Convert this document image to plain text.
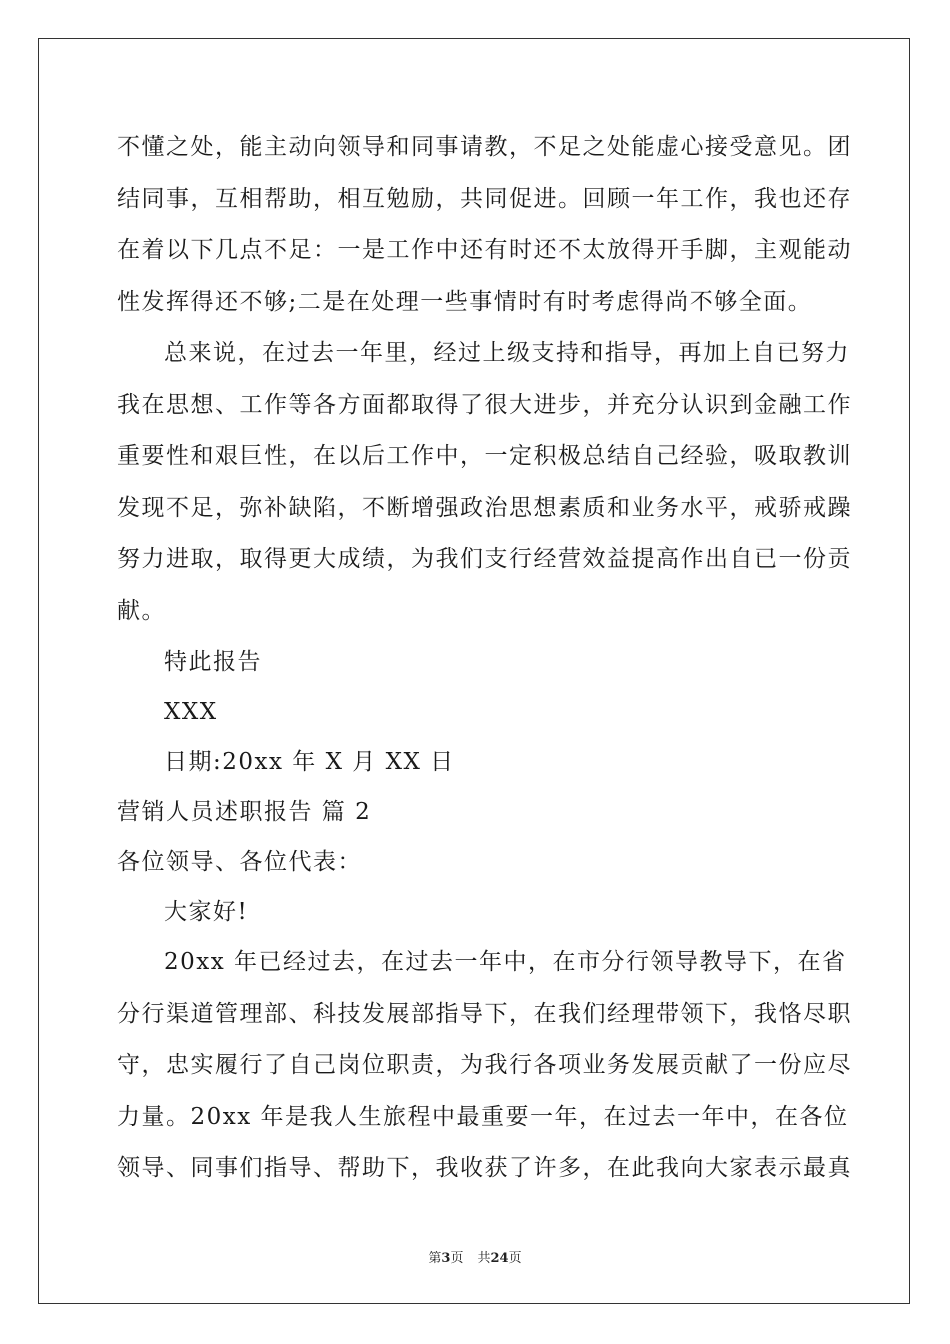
不懂之处，能主动向领导和同事请教，不足之处能虚心接受意见。团
结同事，互相帮助，相互勉励，共同促进。回顾一年工作，我也还存
在着以下几点不足：一是工作中还有时还不太放得开手脚，主观能动
性发挥得还不够;二是在处理一些事情时有时考虑得尚不够全面。
总来说，在过去一年里，经过上级支持和指导，再加上自已努力
我在思想、工作等各方面都取得了很大进步，并充分认识到金融工作
重要性和艰巨性，在以后工作中，一定积极总结自己经验，吸取教训
发现不足，弥补缺陷，不断增强政治思想素质和业务水平，戒骄戒躁
努力进取，取得更大成绩，为我们支行经营效益提高作出自已一份贡
献。
特此报告
XXX
日期:20xx 年 X 月 XX 日
营销人员述职报告 篇 2
各位领导、各位代表：
大家好!
20xx 年已经过去，在过去一年中，在市分行领导教导下，在省
分行渠道管理部、科技发展部指导下，在我们经理带领下，我恪尽职
守，忠实履行了自己岗位职责，为我行各项业务发展贡献了一份应尽
力量。20xx 年是我人生旅程中最重要一年，在过去一年中，在各位
领导、同事们指导、帮助下，我收获了许多，在此我向大家表示最真
第3页 共24页
